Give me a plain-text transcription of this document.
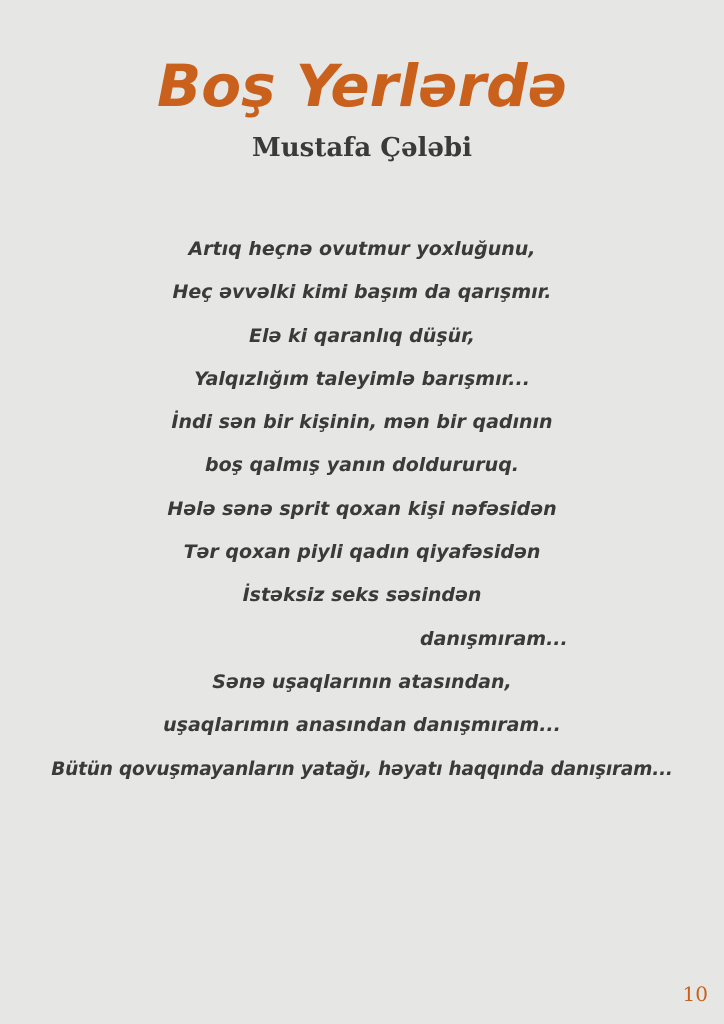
Boş Yerlərdə
Mustafa Çələbi
Artıq heçnə ovutmur yoxluğunu,
Heç əvvəlki kimi başım da qarışmır.
Elə ki qaranlıq düşür,
Yalqızlığım taleyimlə barışmır...
İndi sən bir kişinin, mən bir qadının
boş qalmış yanın doldururuq.
Hələ sənə sprit qoxan kişi nəfəsidən
Tər qoxan piyli qadın qiyafəsidən
İstəksiz seks səsindən
danışmıram...
Sənə uşaqlarının atasından,
uşaqlarımın anasından danışmıram...
Bütün qovuşmayanların yatağı, həyatı haqqında danışıram...
10
